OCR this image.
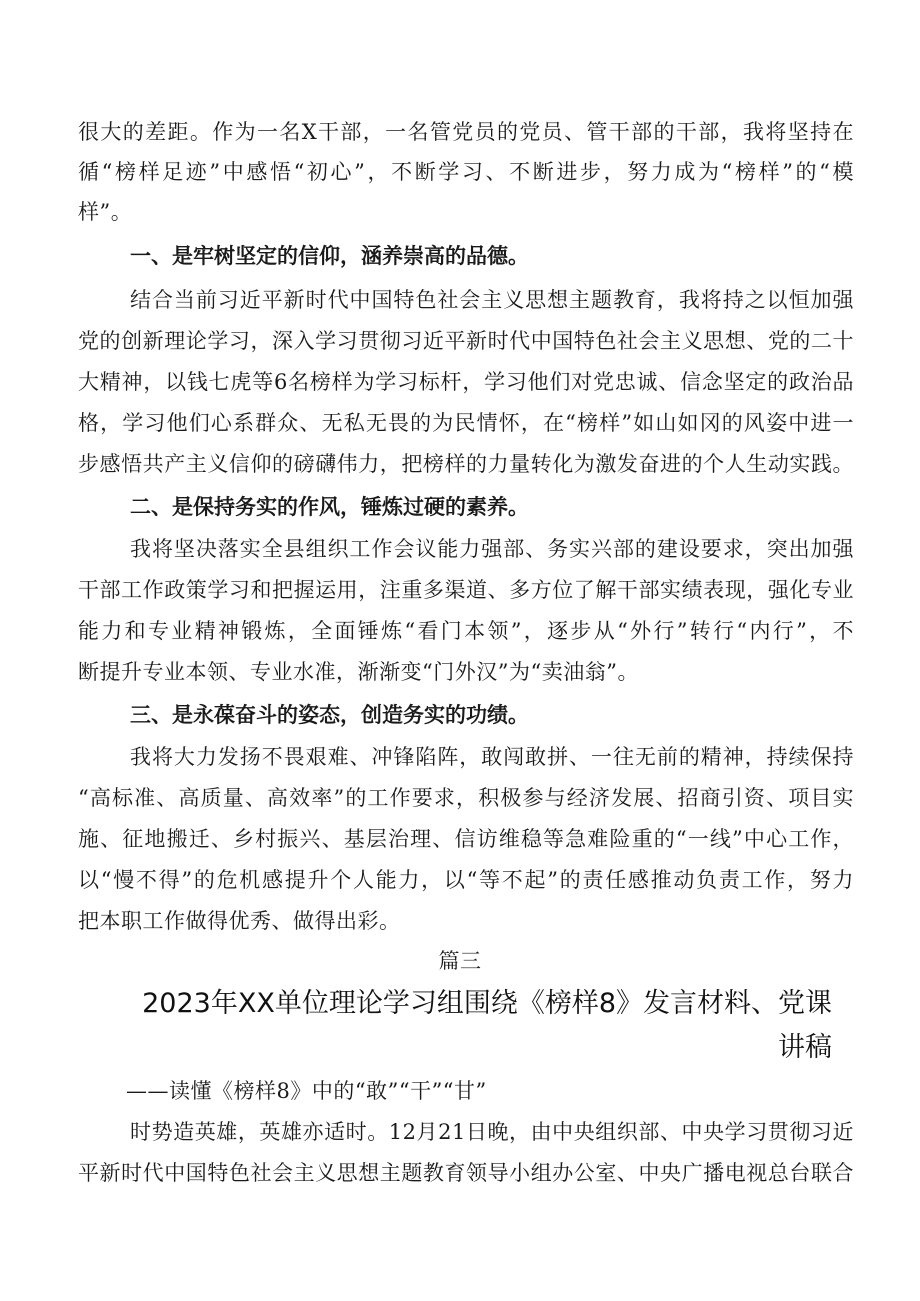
很大的差距。作为一名X干部，一名管党员的党员、管干部的干部，我将坚持在
循“榜样足迹”中感悟“初心”，不断学习、不断进步，努力成为“榜样”的“模
样”。
一、是牢树坚定的信仰，涵养崇高的品德。
结合当前习近平新时代中国特色社会主义思想主题教育，我将持之以恒加强
党的创新理论学习，深入学习贯彻习近平新时代中国特色社会主义思想、党的二十
大精神，以钱七虎等6名榜样为学习标杆，学习他们对党忠诚、信念坚定的政治品
格，学习他们心系群众、无私无畏的为民情怀，在“榜样”如山如冈的风姿中进一
步感悟共产主义信仰的磅礴伟力，把榜样的力量转化为激发奋进的个人生动实践。
二、是保持务实的作风，锤炼过硬的素养。
我将坚决落实全县组织工作会议能力强部、务实兴部的建设要求，突出加强
干部工作政策学习和把握运用，注重多渠道、多方位了解干部实绩表现，强化专业
能力和专业精神锻炼，全面锤炼“看门本领”，逐步从“外行”转行“内行”，不
断提升专业本领、专业水准，渐渐变“门外汉”为“卖油翁”。
三、是永葆奋斗的姿态，创造务实的功绩。
我将大力发扬不畏艰难、冲锋陷阵，敢闯敢拼、一往无前的精神，持续保持
“高标准、高质量、高效率”的工作要求，积极参与经济发展、招商引资、项目实
施、征地搬迁、乡村振兴、基层治理、信访维稳等急难险重的“一线”中心工作，
以“慢不得”的危机感提升个人能力，以“等不起”的责任感推动负责工作，努力
把本职工作做得优秀、做得出彩。
篇三
2023年XX单位理论学习组围绕《榜样8》发言材料、党课
讲稿
——读懂《榜样8》中的“敢”“干”“甘”
时势造英雄，英雄亦适时。12月21日晚，由中央组织部、中央学习贯彻习近
平新时代中国特色社会主义思想主题教育领导小组办公室、中央广播电视总台联合
